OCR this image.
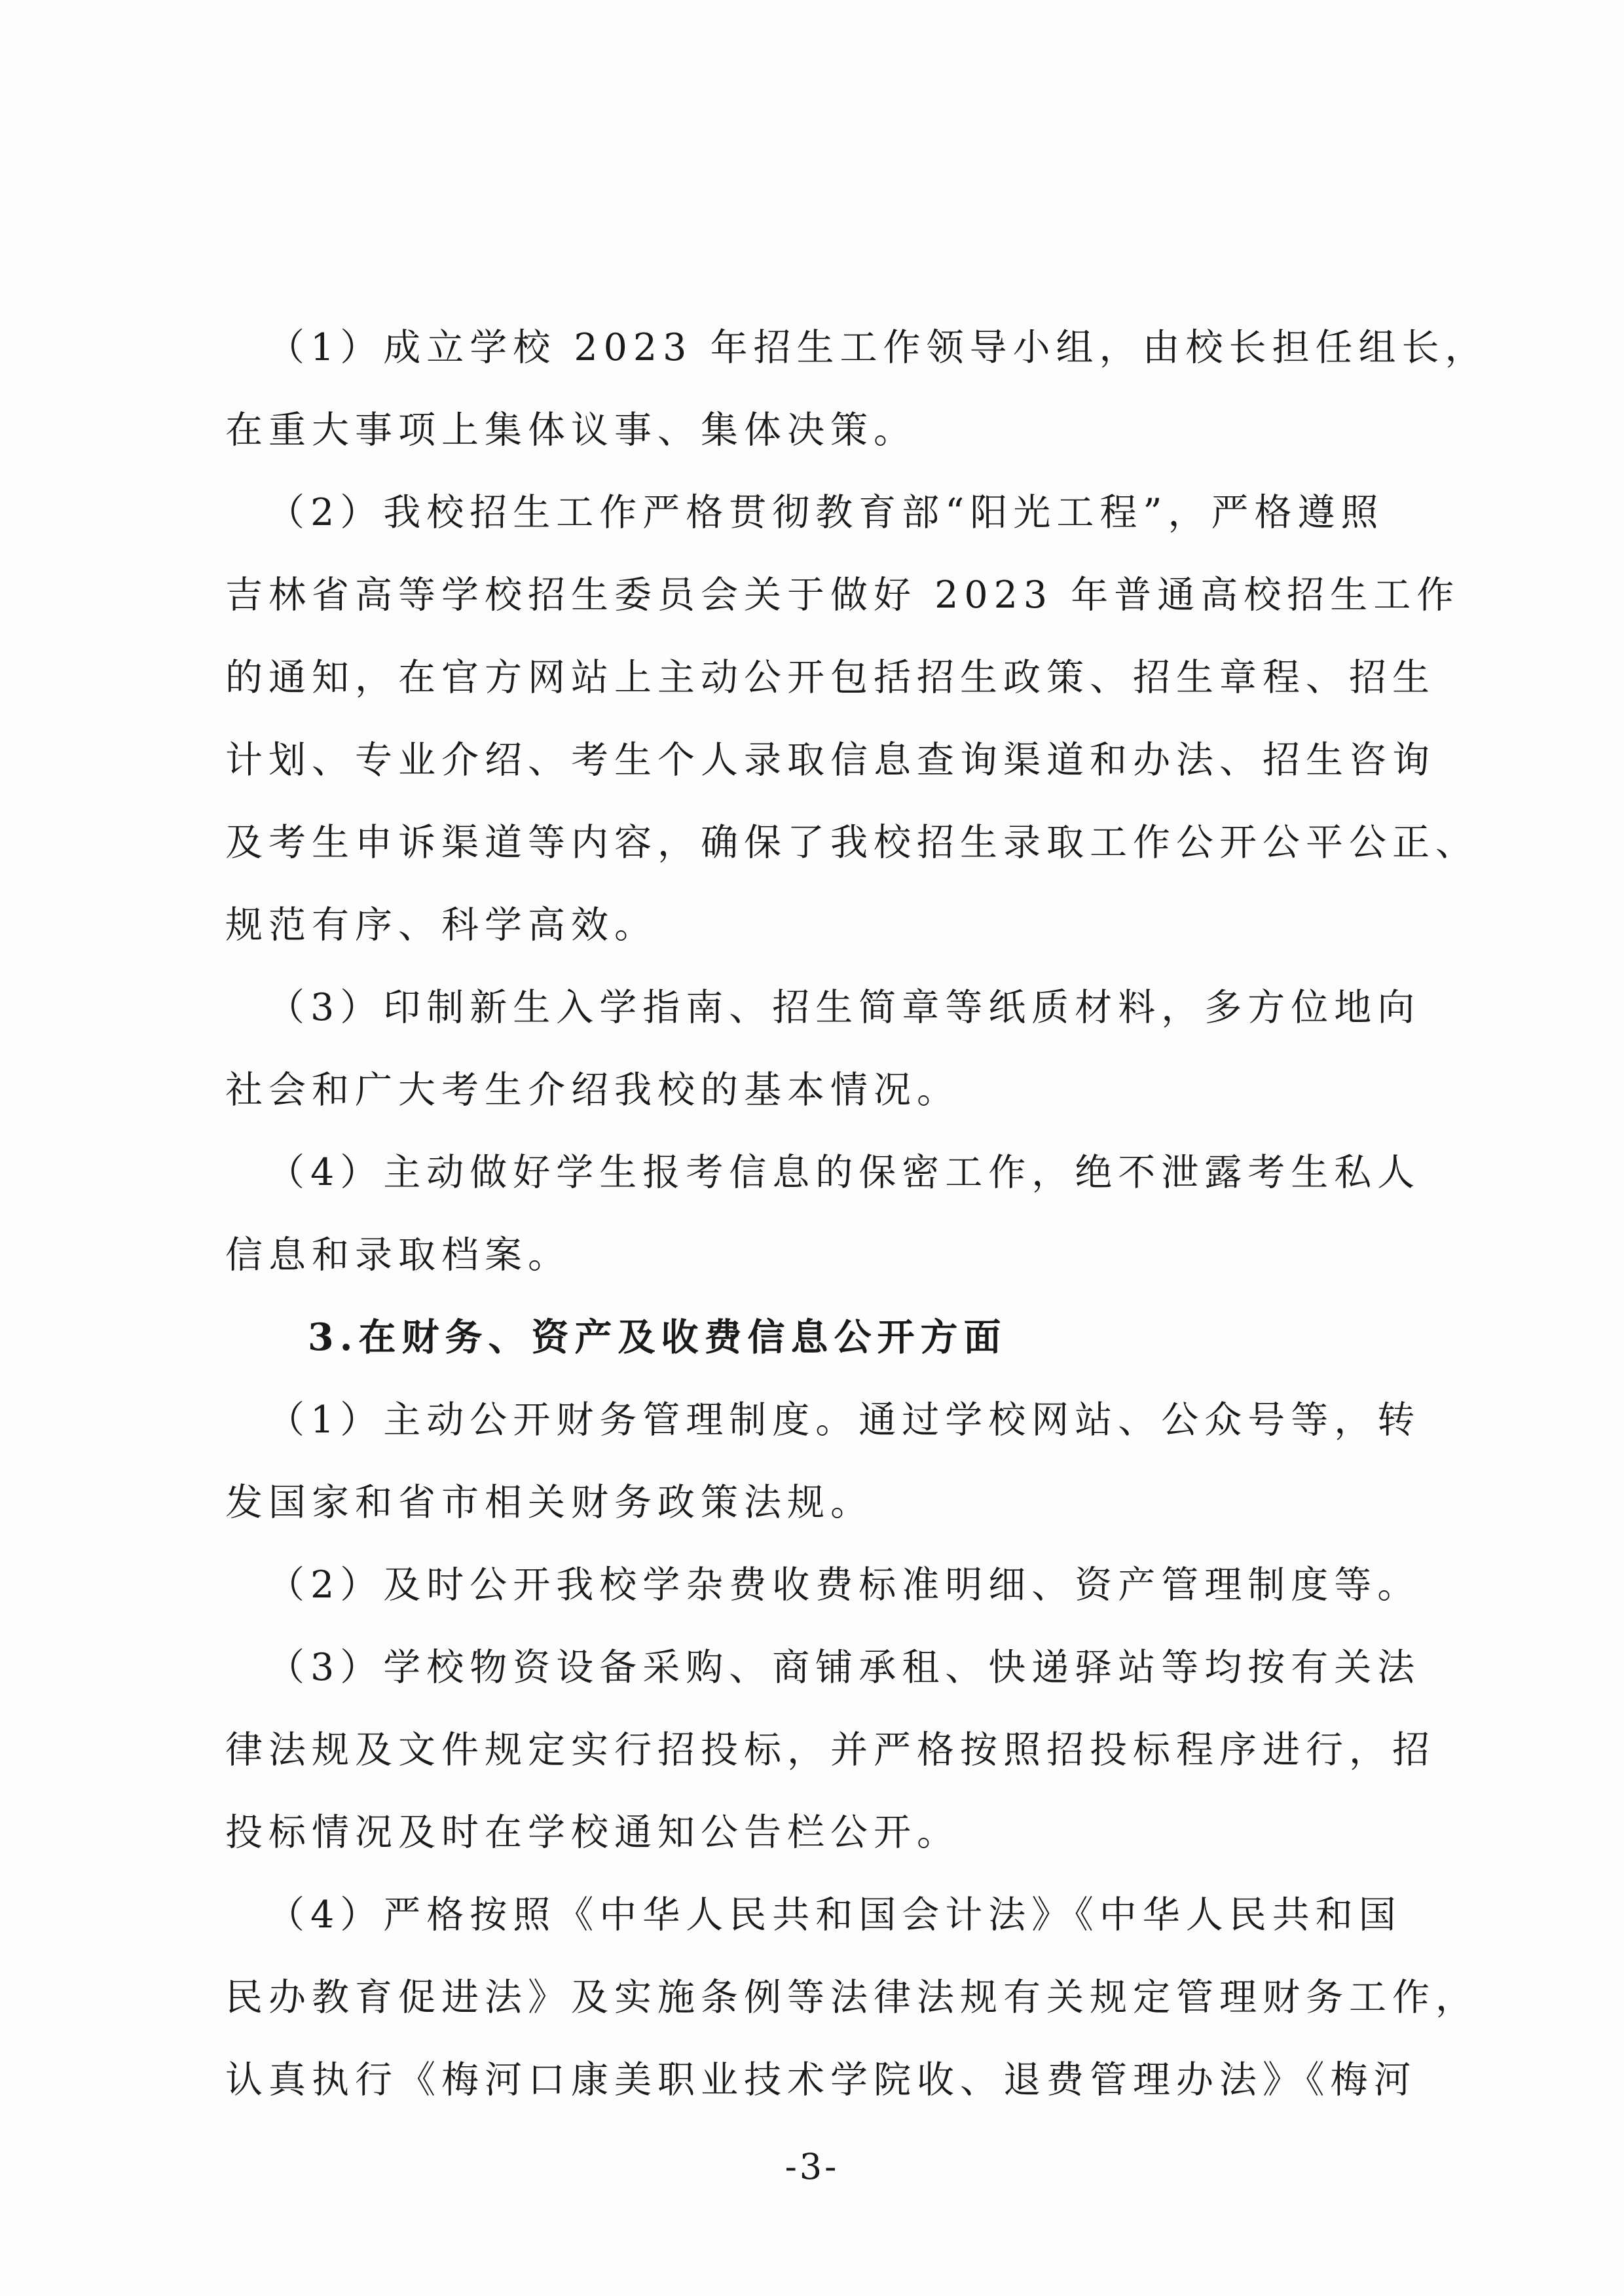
（1）成立学校 2023 年招生工作领导小组，由校长担任组长，
在重大事项上集体议事、集体决策。
（2）我校招生工作严格贯彻教育部“阳光工程”，严格遵照
吉林省高等学校招生委员会关于做好 2023 年普通高校招生工作
的通知，在官方网站上主动公开包括招生政策、招生章程、招生
计划、专业介绍、考生个人录取信息查询渠道和办法、招生咨询
及考生申诉渠道等内容，确保了我校招生录取工作公开公平公正、
规范有序、科学高效。
（3）印制新生入学指南、招生简章等纸质材料，多方位地向
社会和广大考生介绍我校的基本情况。
（4）主动做好学生报考信息的保密工作，绝不泄露考生私人
信息和录取档案。
3.在财务、资产及收费信息公开方面
（1）主动公开财务管理制度。通过学校网站、公众号等，转
发国家和省市相关财务政策法规。
（2）及时公开我校学杂费收费标准明细、资产管理制度等。
（3）学校物资设备采购、商铺承租、快递驿站等均按有关法
律法规及文件规定实行招投标，并严格按照招投标程序进行，招
投标情况及时在学校通知公告栏公开。
（4）严格按照《中华人民共和国会计法》《中华人民共和国
民办教育促进法》及实施条例等法律法规有关规定管理财务工作，
认真执行《梅河口康美职业技术学院收、退费管理办法》《梅河
-3-
